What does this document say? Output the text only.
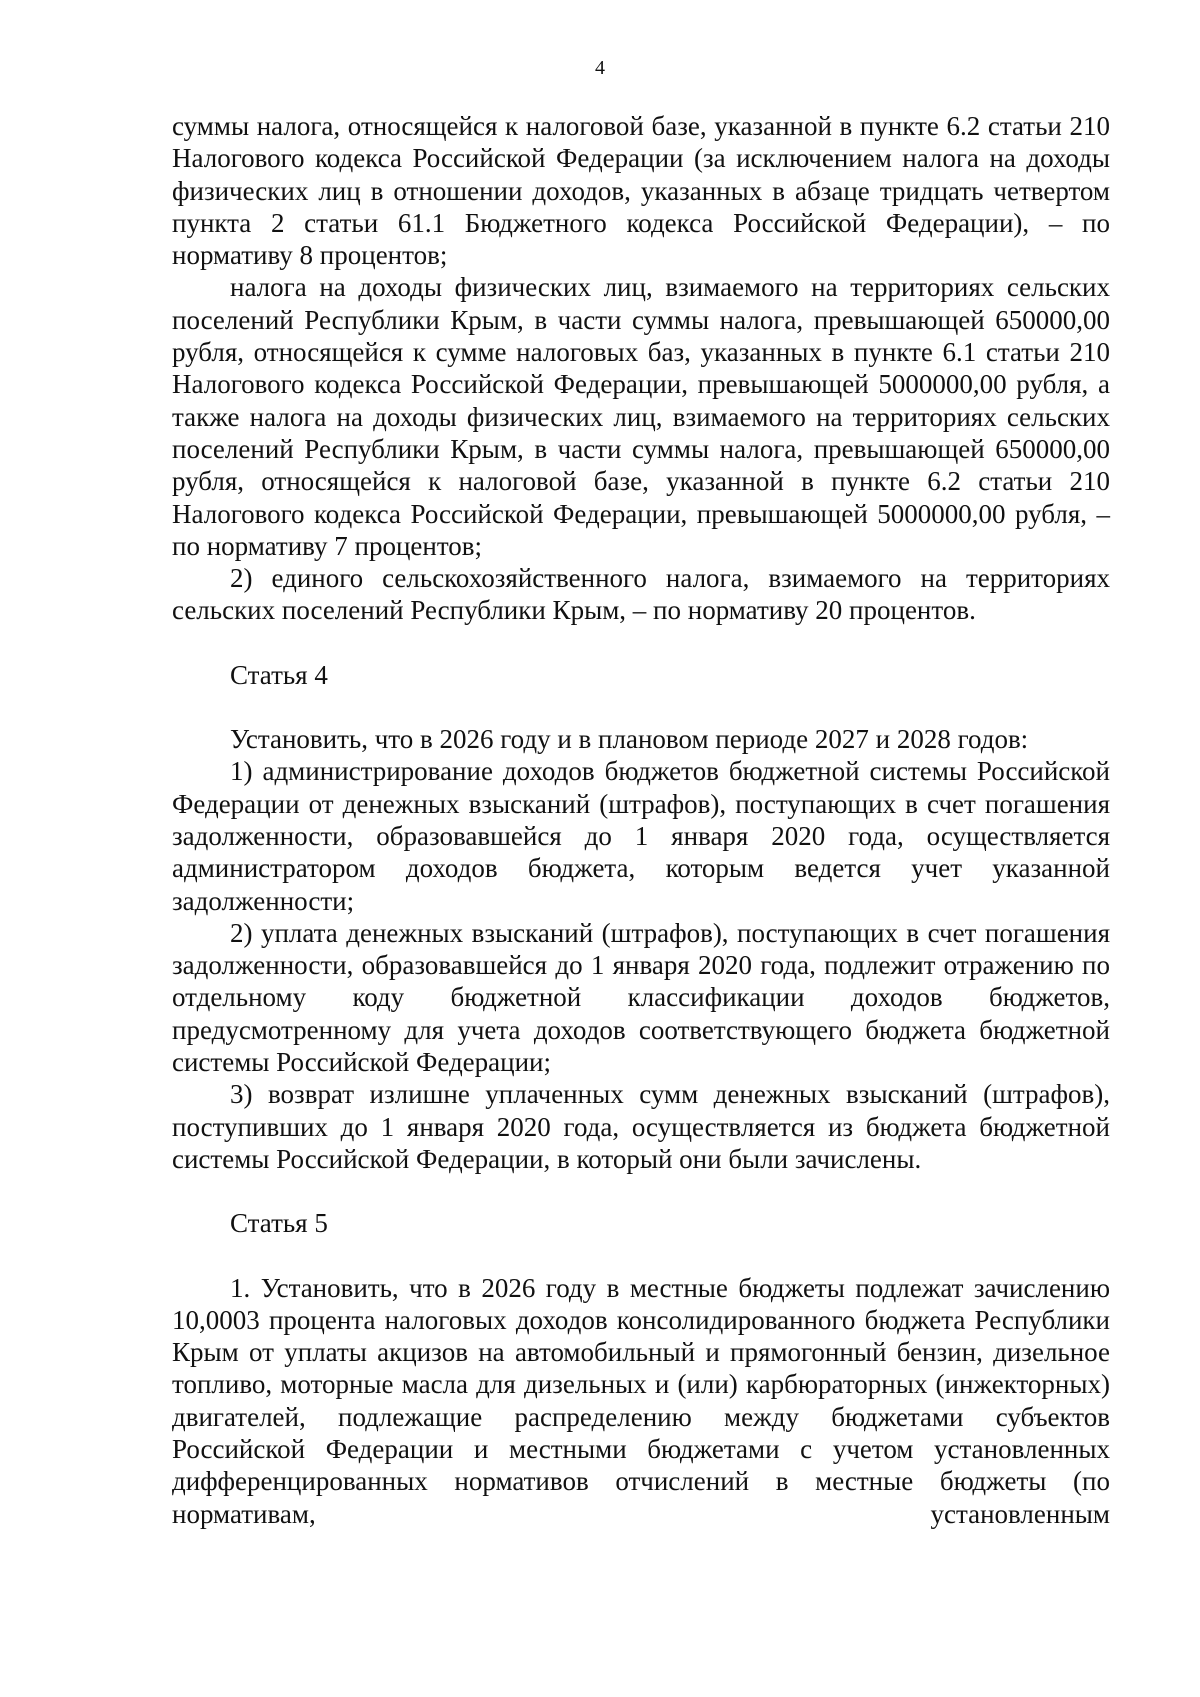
4

суммы налога, относящейся к налоговой базе, указанной в пункте 6.2 статьи 210 Налогового кодекса Российской Федерации (за исключением налога на доходы физических лиц в отношении доходов, указанных в абзаце тридцать четвертом пункта 2 статьи 61.1 Бюджетного кодекса Российской Федерации), – по нормативу 8 процентов;

налога на доходы физических лиц, взимаемого на территориях сельских поселений Республики Крым, в части суммы налога, превышающей 650000,00 рубля, относящейся к сумме налоговых баз, указанных в пункте 6.1 статьи 210 Налогового кодекса Российской Федерации, превышающей 5000000,00 рубля, а также налога на доходы физических лиц, взимаемого на территориях сельских поселений Республики Крым, в части суммы налога, превышающей 650000,00 рубля, относящейся к налоговой базе, указанной в пункте 6.2 статьи 210 Налогового кодекса Российской Федерации, превышающей 5000000,00 рубля, – по нормативу 7 процентов;

2) единого сельскохозяйственного налога, взимаемого на территориях сельских поселений Республики Крым, – по нормативу 20 процентов.

Статья 4

Установить, что в 2026 году и в плановом периоде 2027 и 2028 годов:

1) администрирование доходов бюджетов бюджетной системы Российской Федерации от денежных взысканий (штрафов), поступающих в счет погашения задолженности, образовавшейся до 1 января 2020 года, осуществляется администратором доходов бюджета, которым ведется учет указанной задолженности;

2) уплата денежных взысканий (штрафов), поступающих в счет погашения задолженности, образовавшейся до 1 января 2020 года, подлежит отражению по отдельному коду бюджетной классификации доходов бюджетов, предусмотренному для учета доходов соответствующего бюджета бюджетной системы Российской Федерации;

3) возврат излишне уплаченных сумм денежных взысканий (штрафов), поступивших до 1 января 2020 года, осуществляется из бюджета бюджетной системы Российской Федерации, в который они были зачислены.

Статья 5

1. Установить, что в 2026 году в местные бюджеты подлежат зачислению 10,0003 процента налоговых доходов консолидированного бюджета Республики Крым от уплаты акцизов на автомобильный и прямогонный бензин, дизельное топливо, моторные масла для дизельных и (или) карбюраторных (инжекторных) двигателей, подлежащие распределению между бюджетами субъектов Российской Федерации и местными бюджетами с учетом установленных дифференцированных нормативов отчислений в местные бюджеты (по нормативам, установленным
